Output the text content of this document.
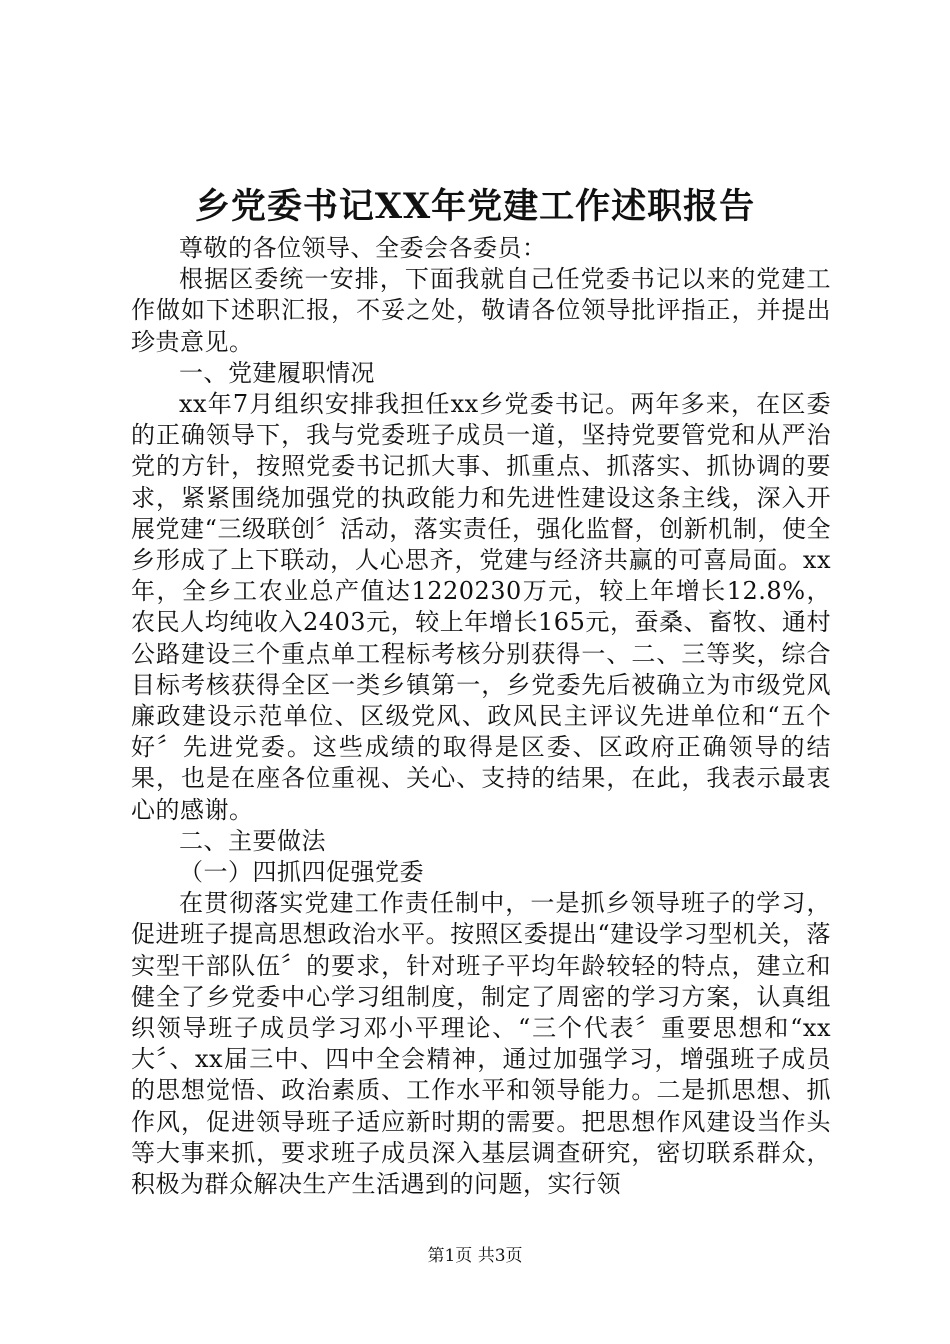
乡党委书记XX年党建工作述职报告

尊敬的各位领导、全委会各委员：

根据区委统一安排，下面我就自己任党委书记以来的党建工作做如下述职汇报，不妥之处，敬请各位领导批评指正，并提出珍贵意见。

一、党建履职情况

xx年7月组织安排我担任xx乡党委书记。两年多来，在区委的正确领导下，我与党委班子成员一道，坚持党要管党和从严治党的方针，按照党委书记抓大事、抓重点、抓落实、抓协调的要求，紧紧围绕加强党的执政能力和先进性建设这条主线，深入开展党建“三级联创〞活动，落实责任，强化监督，创新机制，使全乡形成了上下联动，人心思齐，党建与经济共赢的可喜局面。xx年，全乡工农业总产值达1220230万元，较上年增长12.8%，农民人均纯收入2403元，较上年增长165元，蚕桑、畜牧、通村公路建设三个重点单工程标考核分别获得一、二、三等奖，综合目标考核获得全区一类乡镇第一，乡党委先后被确立为市级党风廉政建设示范单位、区级党风、政风民主评议先进单位和“五个好〞先进党委。这些成绩的取得是区委、区政府正确领导的结果，也是在座各位重视、关心、支持的结果，在此，我表示最衷心的感谢。

二、主要做法

（一）四抓四促强党委

在贯彻落实党建工作责任制中，一是抓乡领导班子的学习，促进班子提高思想政治水平。按照区委提出“建设学习型机关，落实型干部队伍〞的要求，针对班子平均年龄较轻的特点，建立和健全了乡党委中心学习组制度，制定了周密的学习方案，认真组织领导班子成员学习邓小平理论、“三个代表〞重要思想和“xx大〞、xx届三中、四中全会精神，通过加强学习，增强班子成员的思想觉悟、政治素质、工作水平和领导能力。二是抓思想、抓作风，促进领导班子适应新时期的需要。把思想作风建设当作头等大事来抓，要求班子成员深入基层调查研究，密切联系群众，积极为群众解决生产生活遇到的问题，实行领

第1页 共3页
